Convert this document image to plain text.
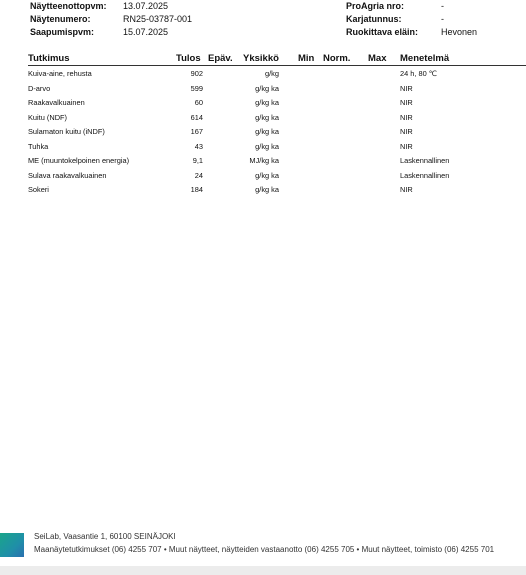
Näytteenottopvm: 13.07.2025
Näytenumero:	RN25-03787-001
Saapumispvm:	15.07.2025
ProAgria nro:	-
Karjatunnus:	-
Ruokittava eläin:	Hevonen
Tutkimus	Tulos Epäv. Yksikkö Min Norm. Max Menetelmä
Kuiva-aine, rehusta	902	g/kg	24 h, 80 ℃
D-arvo	599	g/kg ka	NIR
Raakavalkuainen	60	g/kg ka	NIR
Kuitu (NDF)	614	g/kg ka	NIR
Sulamaton kuitu (iNDF)	167	g/kg ka	NIR
Tuhka	43	g/kg ka	NIR
ME (muuntokelpoinen energia)	9,1	MJ/kg ka	Laskennallinen
Sulava raakavalkuainen	24	g/kg ka	Laskennallinen
Sokeri	184	g/kg ka	NIR
SeiLab, Vaasantie 1, 60100 SEINÄJOKI
Maanäytetutkimukset (06) 4255 707 • Muut näytteet, näytteiden vastaanotto (06) 4255 705 • Muut näytteet, toimisto (06) 4255 701
